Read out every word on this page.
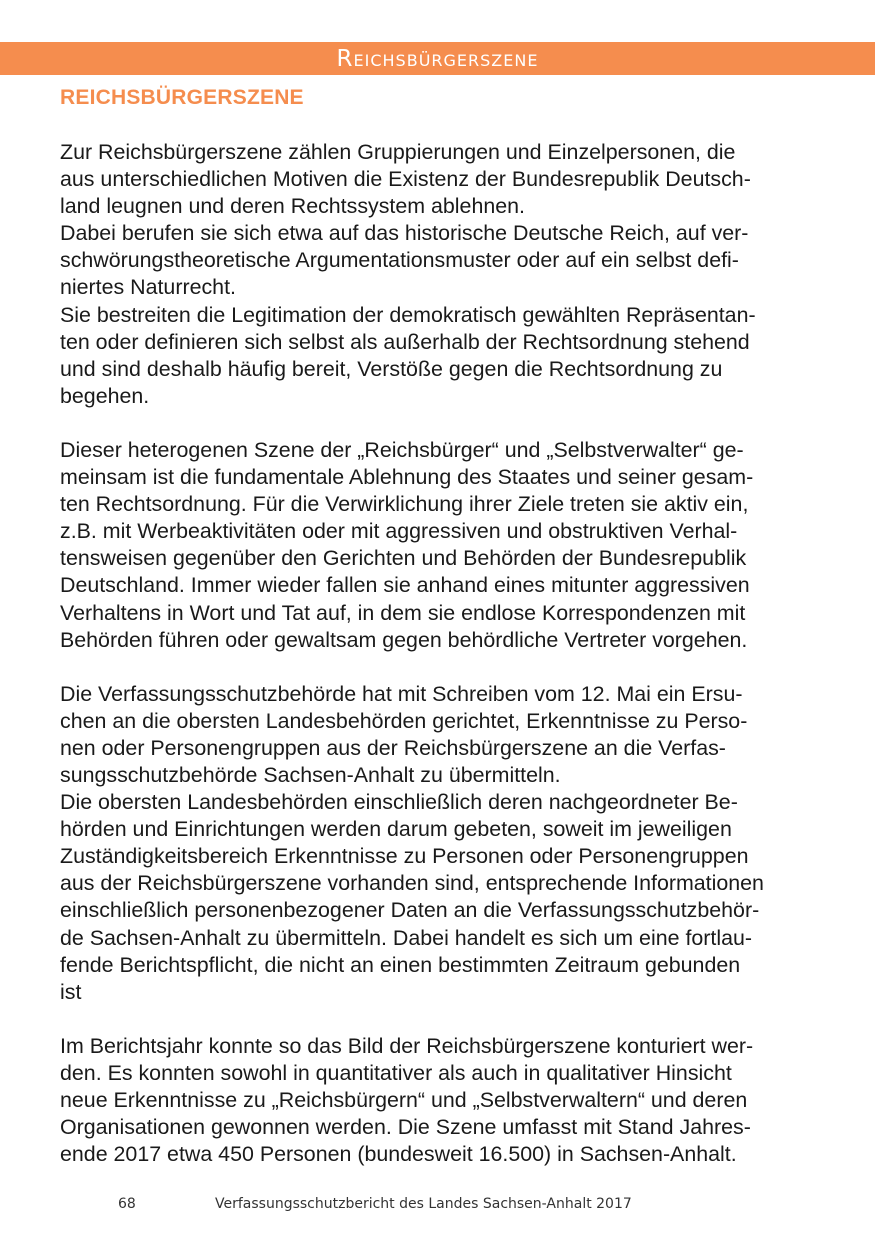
Reichsbürgerszene
REICHSBÜRGERSZENE

Zur Reichsbürgerszene zählen Gruppierungen und Einzelpersonen, die
aus unterschiedlichen Motiven die Existenz der Bundesrepublik Deutsch-
land leugnen und deren Rechtssystem ablehnen.
Dabei berufen sie sich etwa auf das historische Deutsche Reich, auf ver-
schwörungstheoretische Argumentationsmuster oder auf ein selbst defi-
niertes Naturrecht.
Sie bestreiten die Legitimation der demokratisch gewählten Repräsentan-
ten oder definieren sich selbst als außerhalb der Rechtsordnung stehend
und sind deshalb häufig bereit, Verstöße gegen die Rechtsordnung zu
begehen.

Dieser heterogenen Szene der „Reichsbürger“ und „Selbstverwalter“ ge-
meinsam ist die fundamentale Ablehnung des Staates und seiner gesam-
ten Rechtsordnung. Für die Verwirklichung ihrer Ziele treten sie aktiv ein,
z.B. mit Werbeaktivitäten oder mit aggressiven und obstruktiven Verhal-
tensweisen gegenüber den Gerichten und Behörden der Bundesrepublik
Deutschland. Immer wieder fallen sie anhand eines mitunter aggressiven
Verhaltens in Wort und Tat auf, in dem sie endlose Korrespondenzen mit
Behörden führen oder gewaltsam gegen behördliche Vertreter vorgehen.

Die Verfassungsschutzbehörde hat mit Schreiben vom 12. Mai ein Ersu-
chen an die obersten Landesbehörden gerichtet, Erkenntnisse zu Perso-
nen oder Personengruppen aus der Reichsbürgerszene an die Verfas-
sungsschutzbehörde Sachsen-Anhalt zu übermitteln.
Die obersten Landesbehörden einschließlich deren nachgeordneter Be-
hörden und Einrichtungen werden darum gebeten, soweit im jeweiligen
Zuständigkeitsbereich Erkenntnisse zu Personen oder Personengruppen
aus der Reichsbürgerszene vorhanden sind, entsprechende Informationen
einschließlich personenbezogener Daten an die Verfassungsschutzbehör-
de Sachsen-Anhalt zu übermitteln. Dabei handelt es sich um eine fortlau-
fende Berichtspflicht, die nicht an einen bestimmten Zeitraum gebunden
ist

Im Berichtsjahr konnte so das Bild der Reichsbürgerszene konturiert wer-
den. Es konnten sowohl in quantitativer als auch in qualitativer Hinsicht
neue Erkenntnisse zu „Reichsbürgern“ und „Selbstverwaltern“ und deren
Organisationen gewonnen werden. Die Szene umfasst mit Stand Jahres-
ende 2017 etwa 450 Personen (bundesweit 16.500) in Sachsen-Anhalt.

68	Verfassungsschutzbericht des Landes Sachsen-Anhalt 2017
